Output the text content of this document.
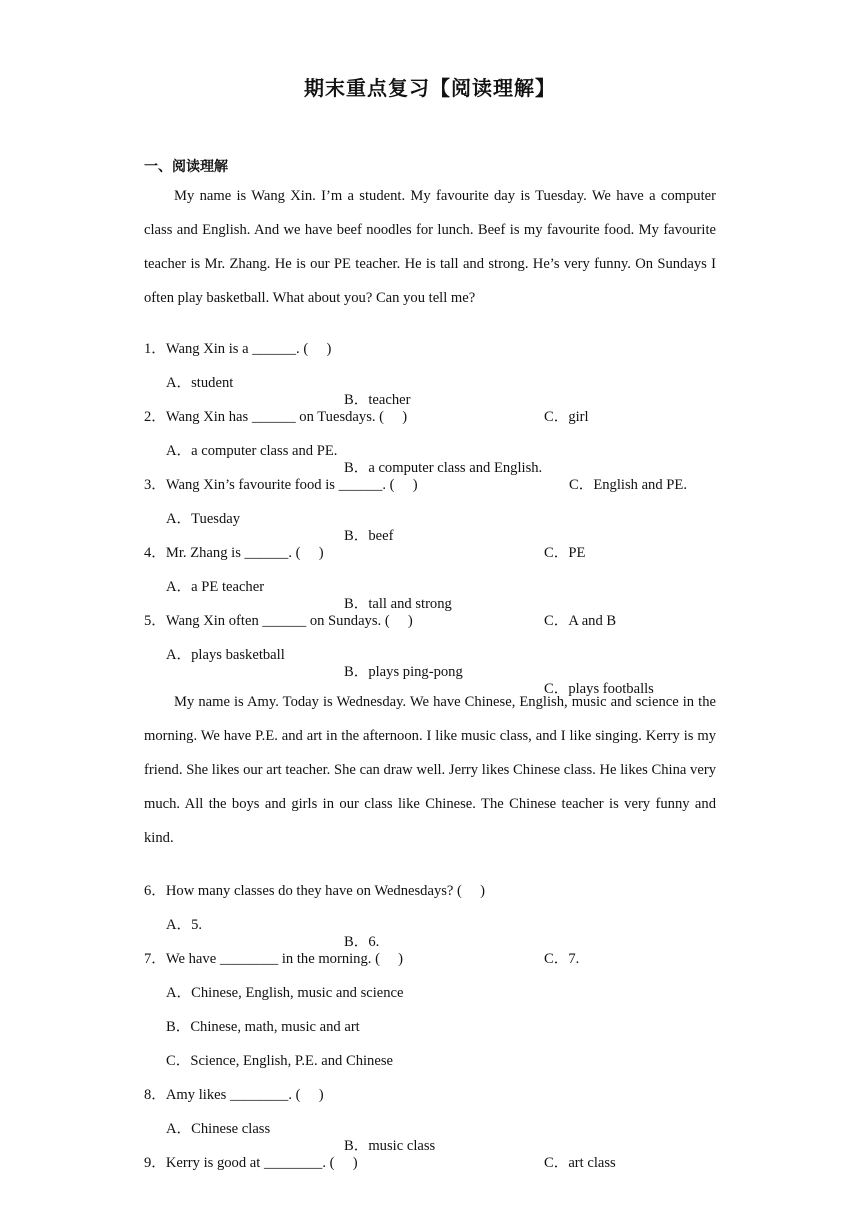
期末重点复习【阅读理解】
一、阅读理解

My name is Wang Xin. I’m a student. My favourite day is Tuesday. We have a computer class and English. And we have beef noodles for lunch. Beef is my favourite food. My favourite teacher is Mr. Zhang. He is our PE teacher. He is tall and strong. He’s very funny. On Sundays I often play basketball. What about you? Can you tell me?

1．Wang Xin is a ______. (     )

A．student

B．teacher

C．girl

2．Wang Xin has ______ on Tuesdays. (     )

A．a computer class and PE.

B．a computer class and English.

C．English and PE.

3．Wang Xin’s favourite food is ______. (     )

A．Tuesday

B．beef

C．PE

4．Mr. Zhang is ______. (     )

A．a PE teacher

B．tall and strong

C．A and B

5．Wang Xin often ______ on Sundays. (     )

A．plays basketball

B．plays ping-pong

C．plays footballs

My name is Amy. Today is Wednesday. We have Chinese, English, music and science in the morning. We have P.E. and art in the afternoon. I like music class, and I like singing. Kerry is my friend. She likes our art teacher. She can draw well. Jerry likes Chinese class. He likes China very much. All the boys and girls in our class like Chinese. The Chinese teacher is very funny and kind.

6．How many classes do they have on Wednesdays? (     )

A．5.

B．6.

C．7.

7．We have ________ in the morning. (     )

A．Chinese, English, music and science

B．Chinese, math, music and art

C．Science, English, P.E. and Chinese

8．Amy likes ________. (     )

A．Chinese class

B．music class

C．art class

9．Kerry is good at ________. (     )
